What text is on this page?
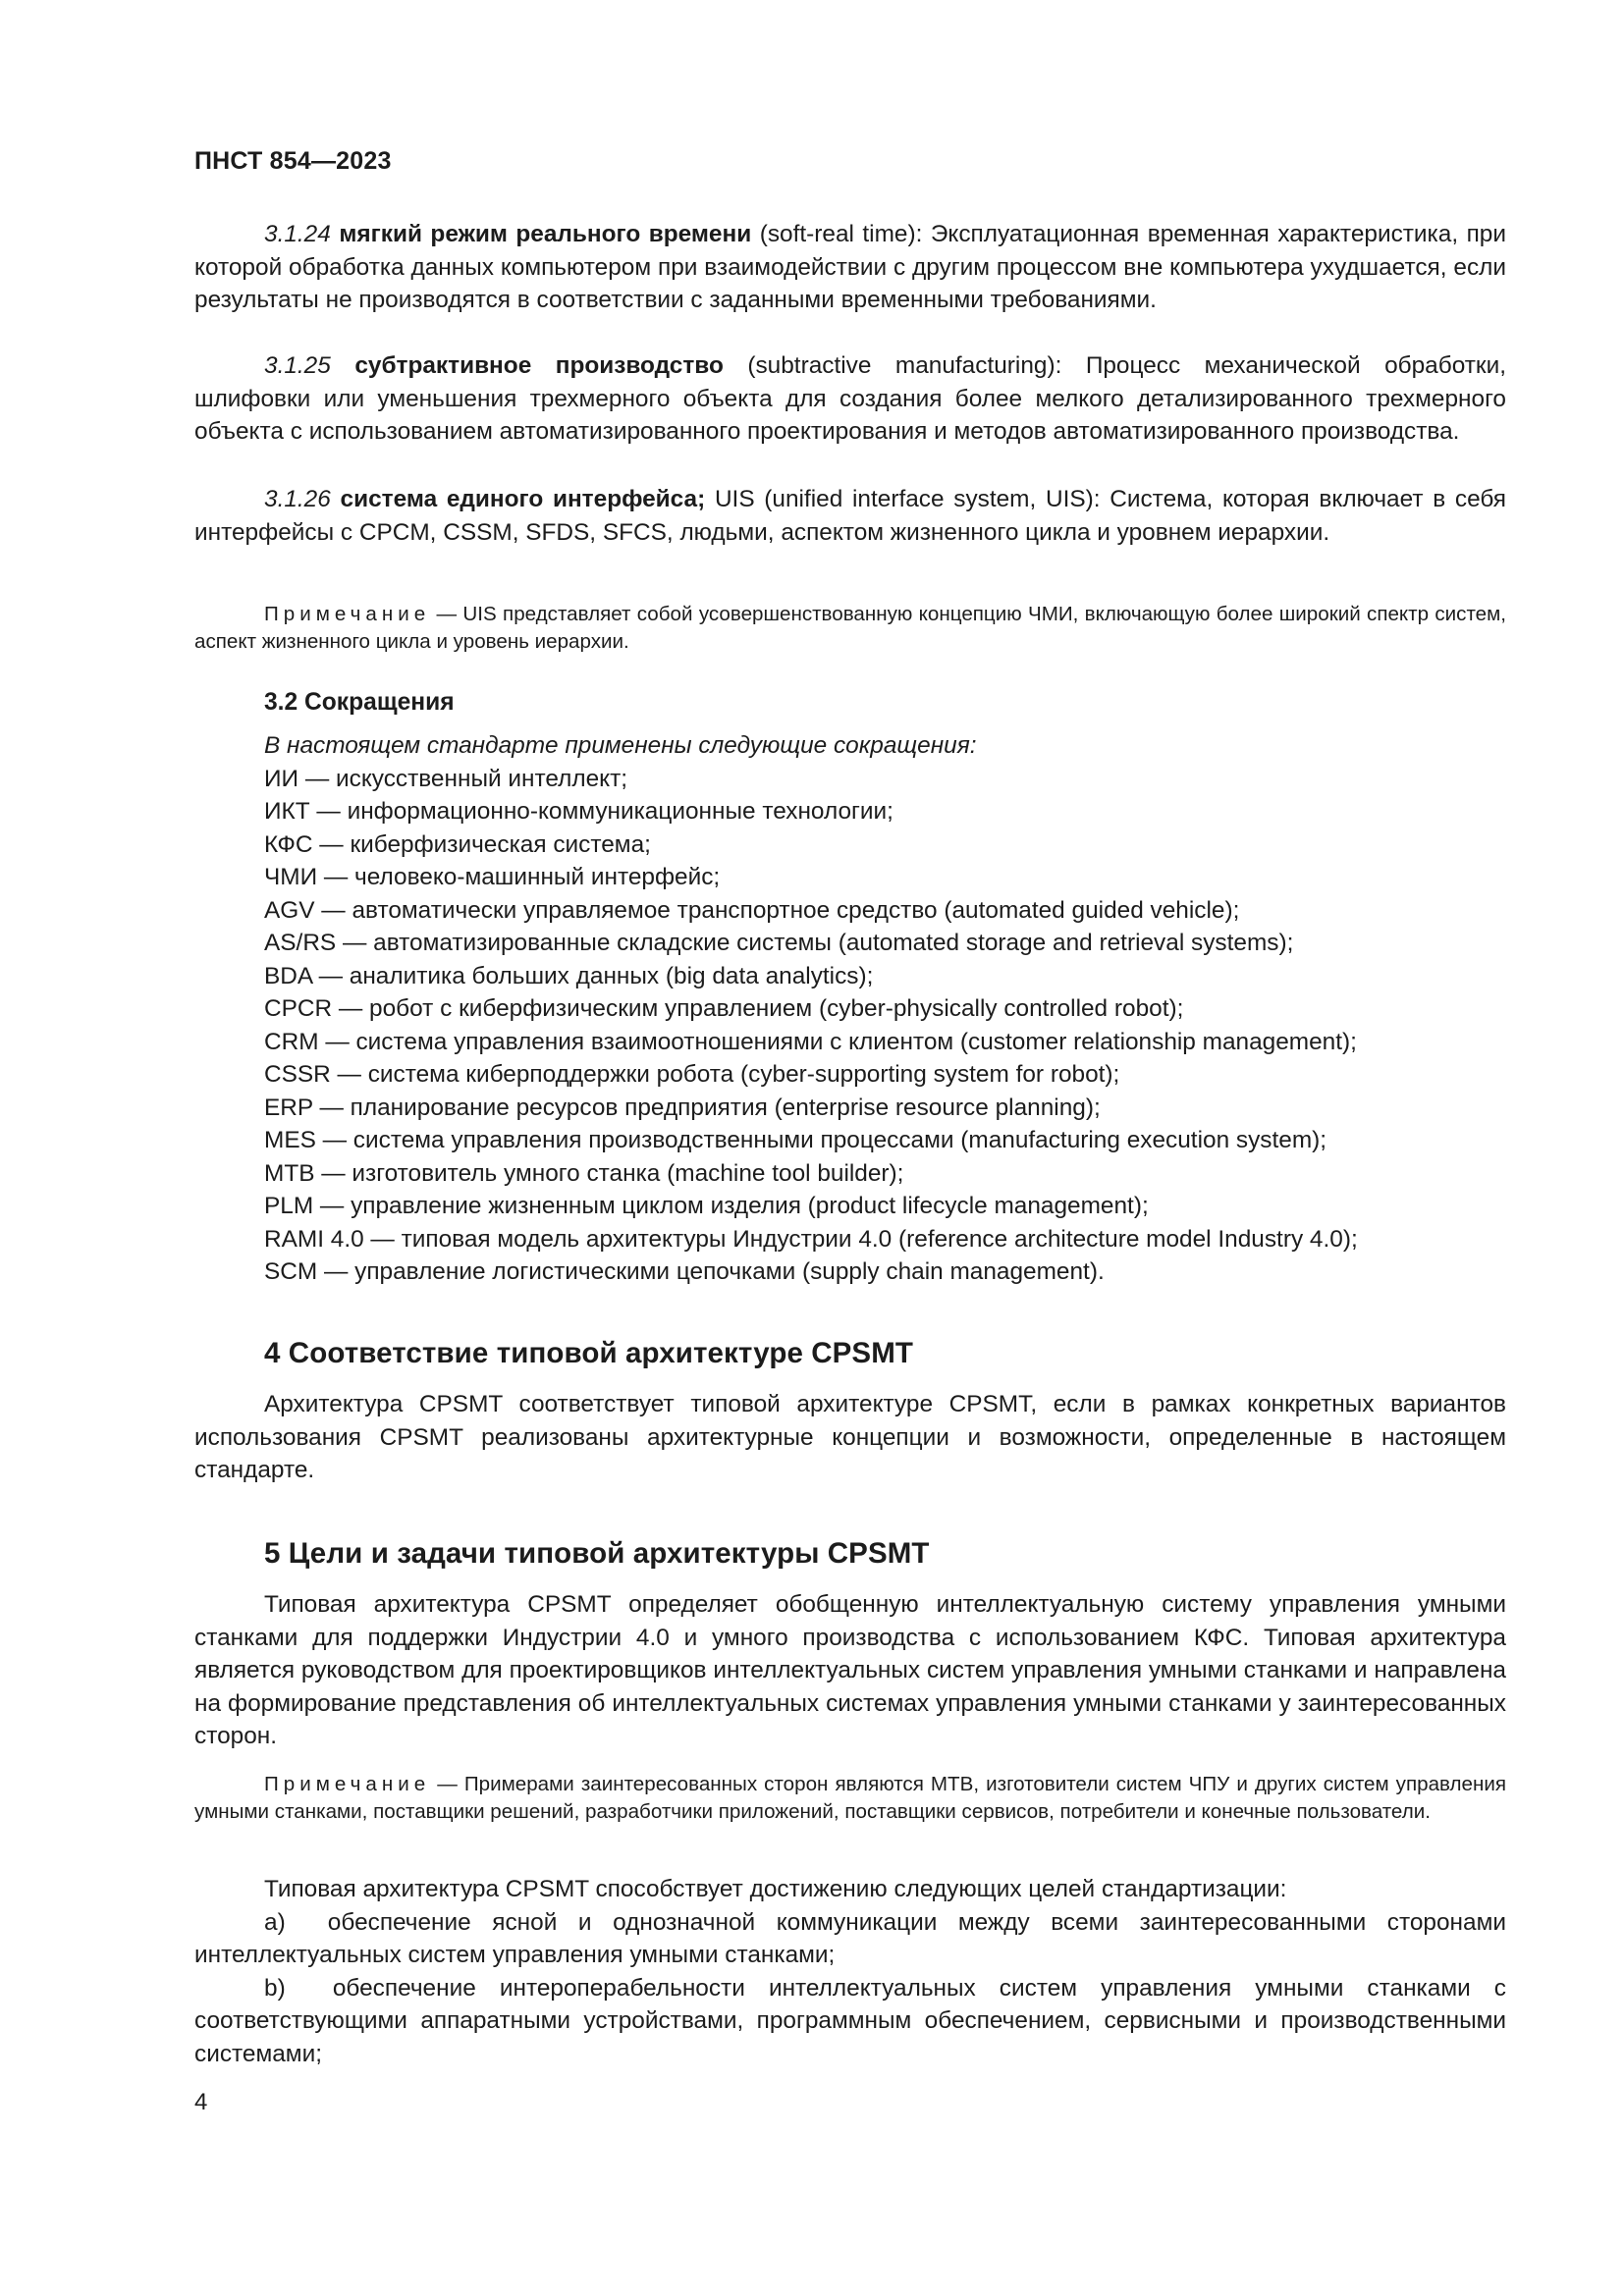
ПНСТ 854—2023

3.1.24 мягкий режим реального времени (soft-real time): Эксплуатационная временная характеристика, при которой обработка данных компьютером при взаимодействии с другим процессом вне компьютера ухудшается, если результаты не производятся в соответствии с заданными временными требованиями.

3.1.25 субтрактивное производство (subtractive manufacturing): Процесс механической обработки, шлифовки или уменьшения трехмерного объекта для создания более мелкого детализированного трехмерного объекта с использованием автоматизированного проектирования и методов автоматизированного производства.

3.1.26 система единого интерфейса; UIS (unified interface system, UIS): Система, которая включает в себя интерфейсы с CPCM, CSSM, SFDS, SFCS, людьми, аспектом жизненного цикла и уровнем иерархии.

Примечание — UIS представляет собой усовершенствованную концепцию ЧМИ, включающую более широкий спектр систем, аспект жизненного цикла и уровень иерархии.

3.2 Сокращения

В настоящем стандарте применены следующие сокращения:

ИИ — искусственный интеллект;
ИКТ — информационно-коммуникационные технологии;
КФС — киберфизическая система;
ЧМИ — человеко-машинный интерфейс;
AGV — автоматически управляемое транспортное средство (automated guided vehicle);
AS/RS — автоматизированные складские системы (automated storage and retrieval systems);
BDA — аналитика больших данных (big data analytics);
CPCR — робот с киберфизическим управлением (cyber-physically controlled robot);
CRM — система управления взаимоотношениями с клиентом (customer relationship management);
CSSR — система киберподдержки робота (cyber-supporting system for robot);
ERP — планирование ресурсов предприятия (enterprise resource planning);
MES — система управления производственными процессами (manufacturing execution system);
MTB — изготовитель умного станка (machine tool builder);
PLM — управление жизненным циклом изделия (product lifecycle management);
RAMI 4.0 — типовая модель архитектуры Индустрии 4.0 (reference architecture model Industry 4.0);
SCM — управление логистическими цепочками (supply chain management).
4 Соответствие типовой архитектуре CPSMT

Архитектура CPSMT соответствует типовой архитектуре CPSMT, если в рамках конкретных вариантов использования CPSMT реализованы архитектурные концепции и возможности, определенные в настоящем стандарте.

5 Цели и задачи типовой архитектуры CPSMT

Типовая архитектура CPSMT определяет обобщенную интеллектуальную систему управления умными станками для поддержки Индустрии 4.0 и умного производства с использованием КФС. Типовая архитектура является руководством для проектировщиков интеллектуальных систем управления умными станками и направлена на формирование представления об интеллектуальных системах управления умными станками у заинтересованных сторон.

Примечание — Примерами заинтересованных сторон являются MTB, изготовители систем ЧПУ и других систем управления умными станками, поставщики решений, разработчики приложений, поставщики сервисов, потребители и конечные пользователи.

Типовая архитектура CPSMT способствует достижению следующих целей стандартизации:

a)  обеспечение ясной и однозначной коммуникации между всеми заинтересованными сторонами интеллектуальных систем управления умными станками;

b)  обеспечение интероперабельности интеллектуальных систем управления умными станками с соответствующими аппаратными устройствами, программным обеспечением, сервисными и производственными системами;

4
